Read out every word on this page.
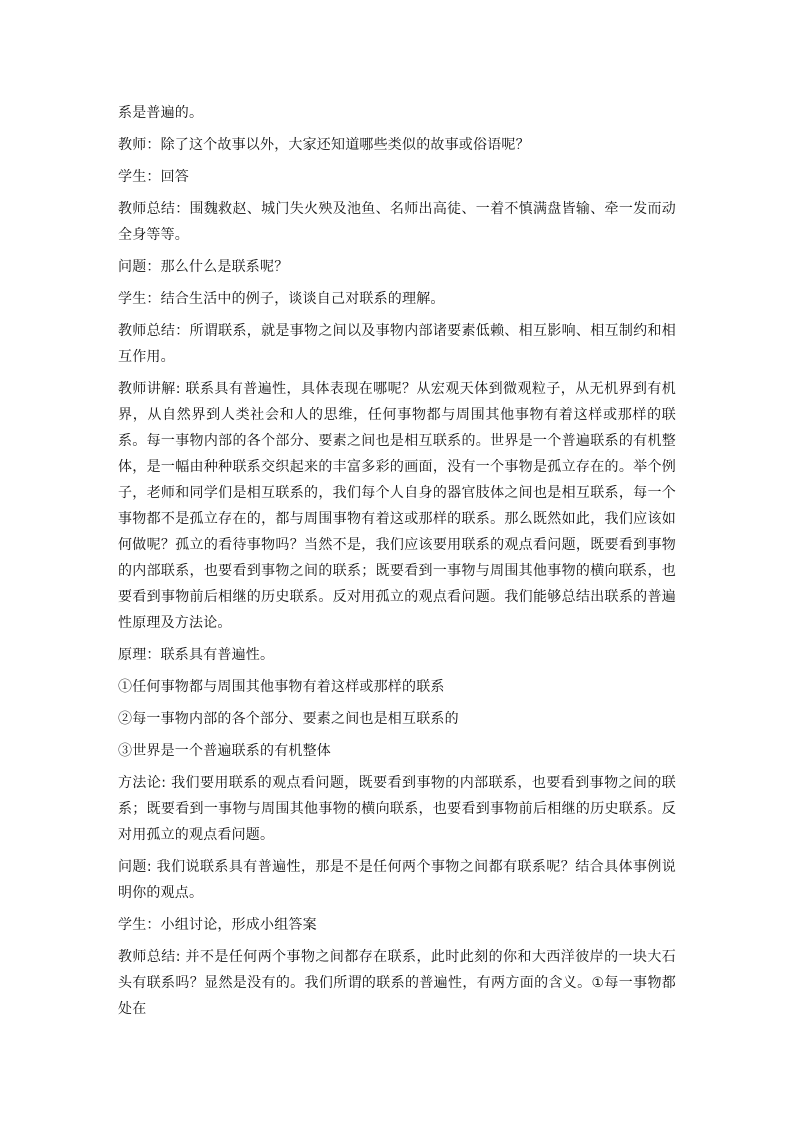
系是普遍的。

教师：除了这个故事以外，大家还知道哪些类似的故事或俗语呢？

学生：回答

教师总结：围魏救赵、城门失火殃及池鱼、名师出高徒、一着不慎满盘皆输、牵一发而动全身等等。

问题：那么什么是联系呢？

学生：结合生活中的例子，谈谈自己对联系的理解。

教师总结：所谓联系，就是事物之间以及事物内部诸要素低赖、相互影响、相互制约和相互作用。

教师讲解: 联系具有普遍性，具体表现在哪呢？从宏观天体到微观粒子，从无机界到有机界，从自然界到人类社会和人的思维，任何事物都与周围其他事物有着这样或那样的联系。每一事物内部的各个部分、要素之间也是相互联系的。世界是一个普遍联系的有机整体，是一幅由种种联系交织起来的丰富多彩的画面，没有一个事物是孤立存在的。举个例子，老师和同学们是相互联系的，我们每个人自身的器官肢体之间也是相互联系，每一个事物都不是孤立存在的，都与周围事物有着这或那样的联系。那么既然如此，我们应该如何做呢？孤立的看待事物吗？当然不是，我们应该要用联系的观点看问题，既要看到事物的内部联系，也要看到事物之间的联系；既要看到一事物与周围其他事物的横向联系，也要看到事物前后相继的历史联系。反对用孤立的观点看问题。我们能够总结出联系的普遍性原理及方法论。

原理：联系具有普遍性。

①任何事物都与周围其他事物有着这样或那样的联系

②每一事物内部的各个部分、要素之间也是相互联系的

③世界是一个普遍联系的有机整体

方法论: 我们要用联系的观点看问题，既要看到事物的内部联系，也要看到事物之间的联系；既要看到一事物与周围其他事物的横向联系，也要看到事物前后相继的历史联系。反对用孤立的观点看问题。

问题: 我们说联系具有普遍性，那是不是任何两个事物之间都有联系呢？结合具体事例说明你的观点。

学生：小组讨论，形成小组答案

教师总结: 并不是任何两个事物之间都存在联系，此时此刻的你和大西洋彼岸的一块大石头有联系吗？显然是没有的。我们所谓的联系的普遍性，有两方面的含义。①每一事物都处在
